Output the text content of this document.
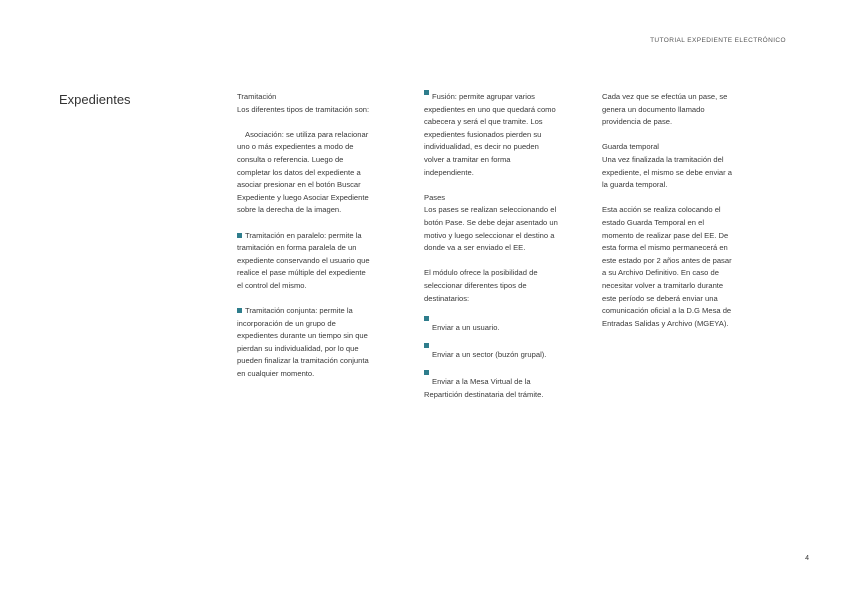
TUTORIAL EXPEDIENTE ELECTRÓNICO
Expedientes	Tramitación

Los diferentes tipos de tramitación son:

Asociación: se utiliza para relacionar

uno o más expedientes a modo de

consulta o referencia. Luego de

completar los datos del expediente a

asociar presionar en el botón Buscar

Expediente y luego Asociar Expediente

sobre la derecha de la imagen.

Tramitación en paralelo: permite la

tramitación en forma paralela de un

expediente conservando el usuario que

realice el pase múltiple del expediente

el control del mismo.

Tramitación conjunta: permite la

incorporación de un grupo de

expedientes durante un tiempo sin que

pierdan su individualidad, por lo que

pueden finalizar la tramitación conjunta

en cualquier momento.

Fusión: permite agrupar varios

expedientes en uno que quedará como

cabecera y será el que tramite. Los

expedientes fusionados pierden su

individualidad, es decir no pueden

volver a tramitar en forma

independiente.

Pases

Los pases se realizan seleccionando el

botón Pase. Se debe dejar asentado un

motivo y luego seleccionar el destino a

donde va a ser enviado el EE.

El módulo ofrece la posibilidad de

seleccionar diferentes tipos de

destinatarios:

Enviar a un usuario.

Enviar a un sector (buzón grupal).

Enviar a la Mesa Virtual de la

Repartición destinataria del trámite.

Cada vez que se efectúa un pase, se

genera un documento llamado

providencia de pase.

Guarda temporal

Una vez finalizada la tramitación del

expediente, el mismo se debe enviar a

la guarda temporal.

Esta acción se realiza colocando el

estado Guarda Temporal en el

momento de realizar pase del EE. De

esta forma el mismo permanecerá en

este estado por 2 años antes de pasar

a su Archivo Definitivo. En caso de

necesitar volver a tramitarlo durante

este período se deberá enviar una

comunicación oficial a la D.G Mesa de

Entradas Salidas y Archivo (MGEYA).

4
